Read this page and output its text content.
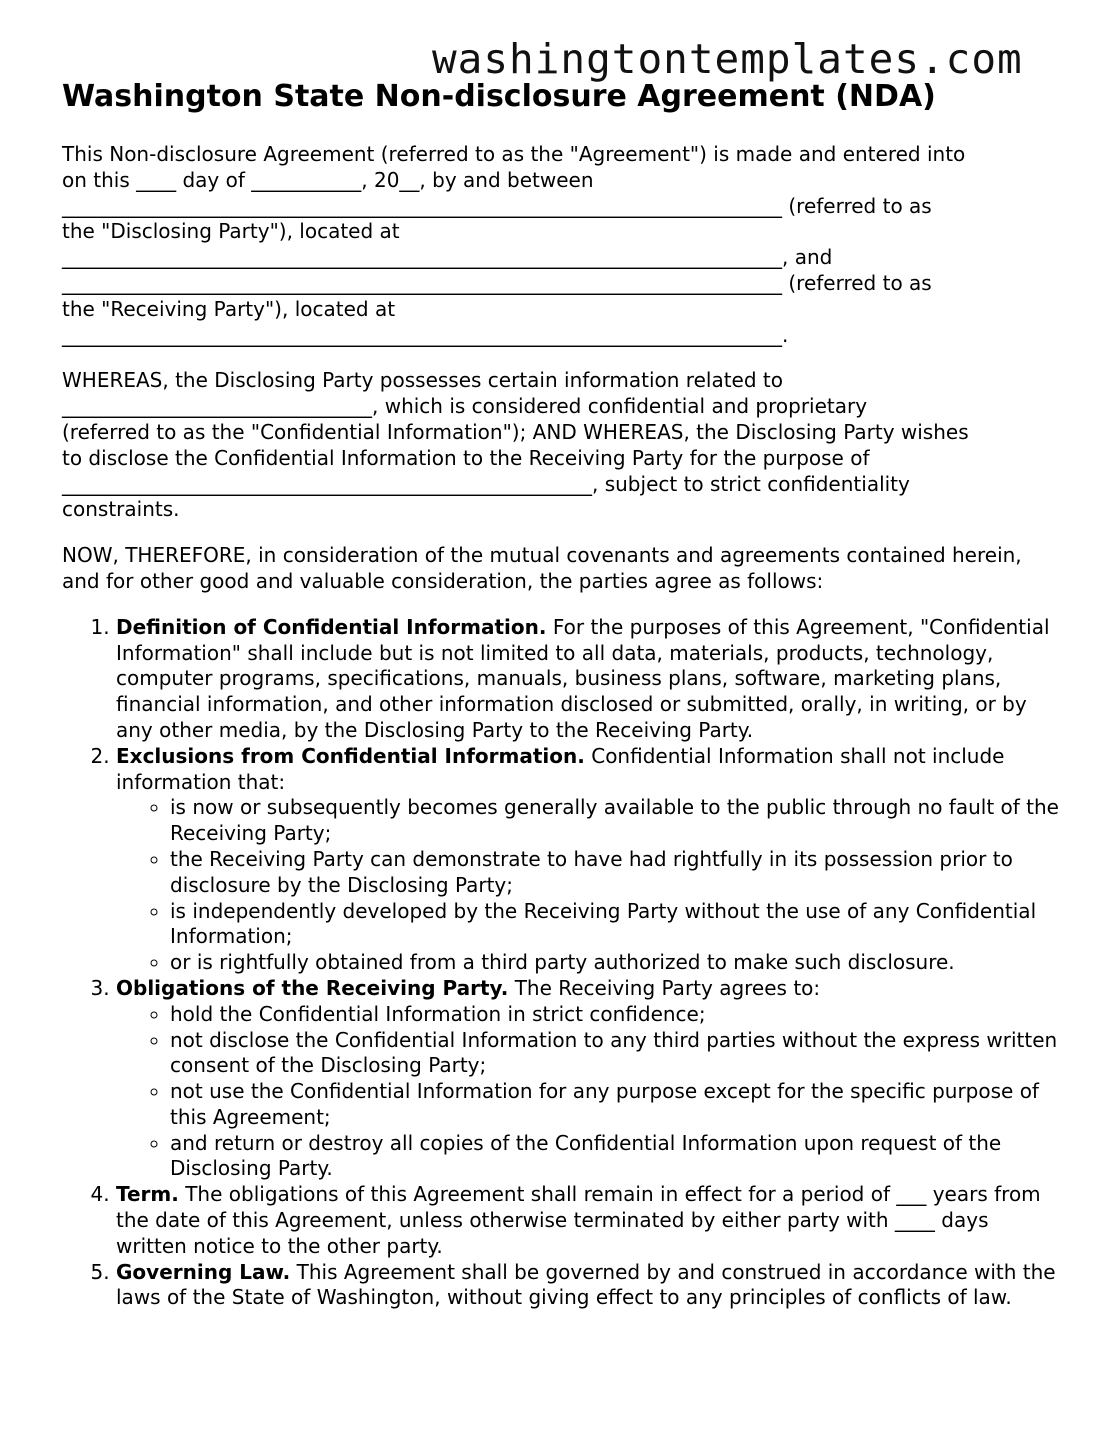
washingtontemplates.com
Washington State Non-disclosure Agreement (NDA)

This Non-disclosure Agreement (referred to as the "Agreement") is made and entered into
on this ____ day of ___________, 20__, by and between
________________________________________________________________________ (referred to as
the "Disclosing Party"), located at
________________________________________________________________________, and
________________________________________________________________________ (referred to as
the "Receiving Party"), located at
________________________________________________________________________.

WHEREAS, the Disclosing Party possesses certain information related to
_______________________________, which is considered confidential and proprietary
(referred to as the "Confidential Information"); AND WHEREAS, the Disclosing Party wishes
to disclose the Confidential Information to the Receiving Party for the purpose of
_____________________________________________________, subject to strict confidentiality
constraints.

NOW, THEREFORE, in consideration of the mutual covenants and agreements contained herein, and for other good and valuable consideration, the parties agree as follows:

1. Definition of Confidential Information. For the purposes of this Agreement, "Confidential Information" shall include but is not limited to all data, materials, products, technology, computer programs, specifications, manuals, business plans, software, marketing plans, financial information, and other information disclosed or submitted, orally, in writing, or by any other media, by the Disclosing Party to the Receiving Party.
2. Exclusions from Confidential Information. Confidential Information shall not include information that:
◦ is now or subsequently becomes generally available to the public through no fault of the Receiving Party;
◦ the Receiving Party can demonstrate to have had rightfully in its possession prior to disclosure by the Disclosing Party;
◦ is independently developed by the Receiving Party without the use of any Confidential Information;
◦ or is rightfully obtained from a third party authorized to make such disclosure.
3. Obligations of the Receiving Party. The Receiving Party agrees to:
◦ hold the Confidential Information in strict confidence;
◦ not disclose the Confidential Information to any third parties without the express written consent of the Disclosing Party;
◦ not use the Confidential Information for any purpose except for the specific purpose of this Agreement;
◦ and return or destroy all copies of the Confidential Information upon request of the Disclosing Party.
4. Term. The obligations of this Agreement shall remain in effect for a period of ___ years from the date of this Agreement, unless otherwise terminated by either party with ____ days written notice to the other party.
5. Governing Law. This Agreement shall be governed by and construed in accordance with the laws of the State of Washington, without giving effect to any principles of conflicts of law.
